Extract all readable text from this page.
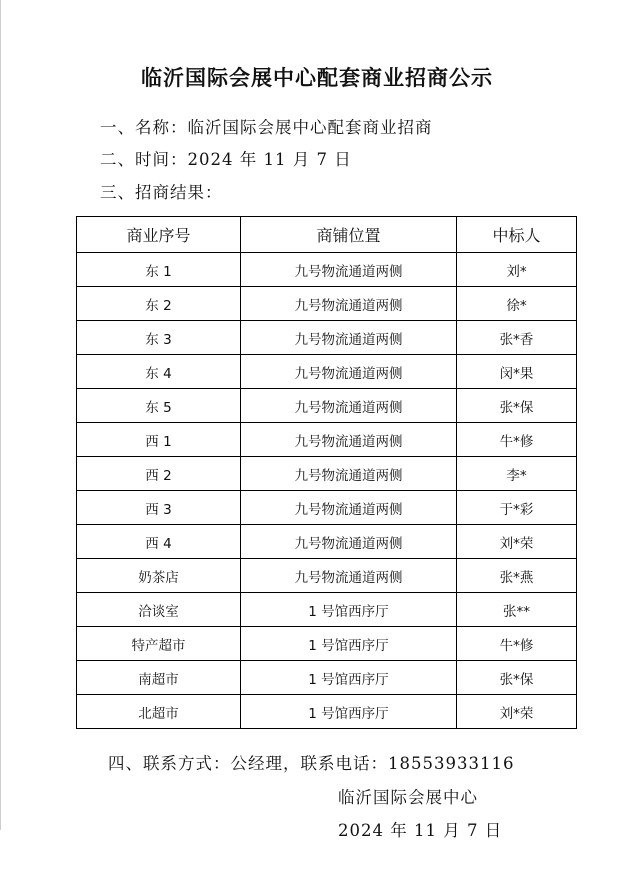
临沂国际会展中心配套商业招商公示
一、名称：临沂国际会展中心配套商业招商
二、时间：2024 年 11 月 7 日
三、招商结果：
商业序号	商铺位置	中标人
东 1	九号物流通道两侧	刘*
东 2	九号物流通道两侧	徐*
东 3	九号物流通道两侧	张*香
东 4	九号物流通道两侧	闵*果
东 5	九号物流通道两侧	张*保
西 1	九号物流通道两侧	牛*修
西 2	九号物流通道两侧	李*
西 3	九号物流通道两侧	于*彩
西 4	九号物流通道两侧	刘*荣
奶茶店	九号物流通道两侧	张*燕
洽谈室	1 号馆西序厅	张**
特产超市	1 号馆西序厅	牛*修
南超市	1 号馆西序厅	张*保
北超市	1 号馆西序厅	刘*荣
四、联系方式：公经理，联系电话：18553933116
临沂国际会展中心
2024 年 11 月 7 日
